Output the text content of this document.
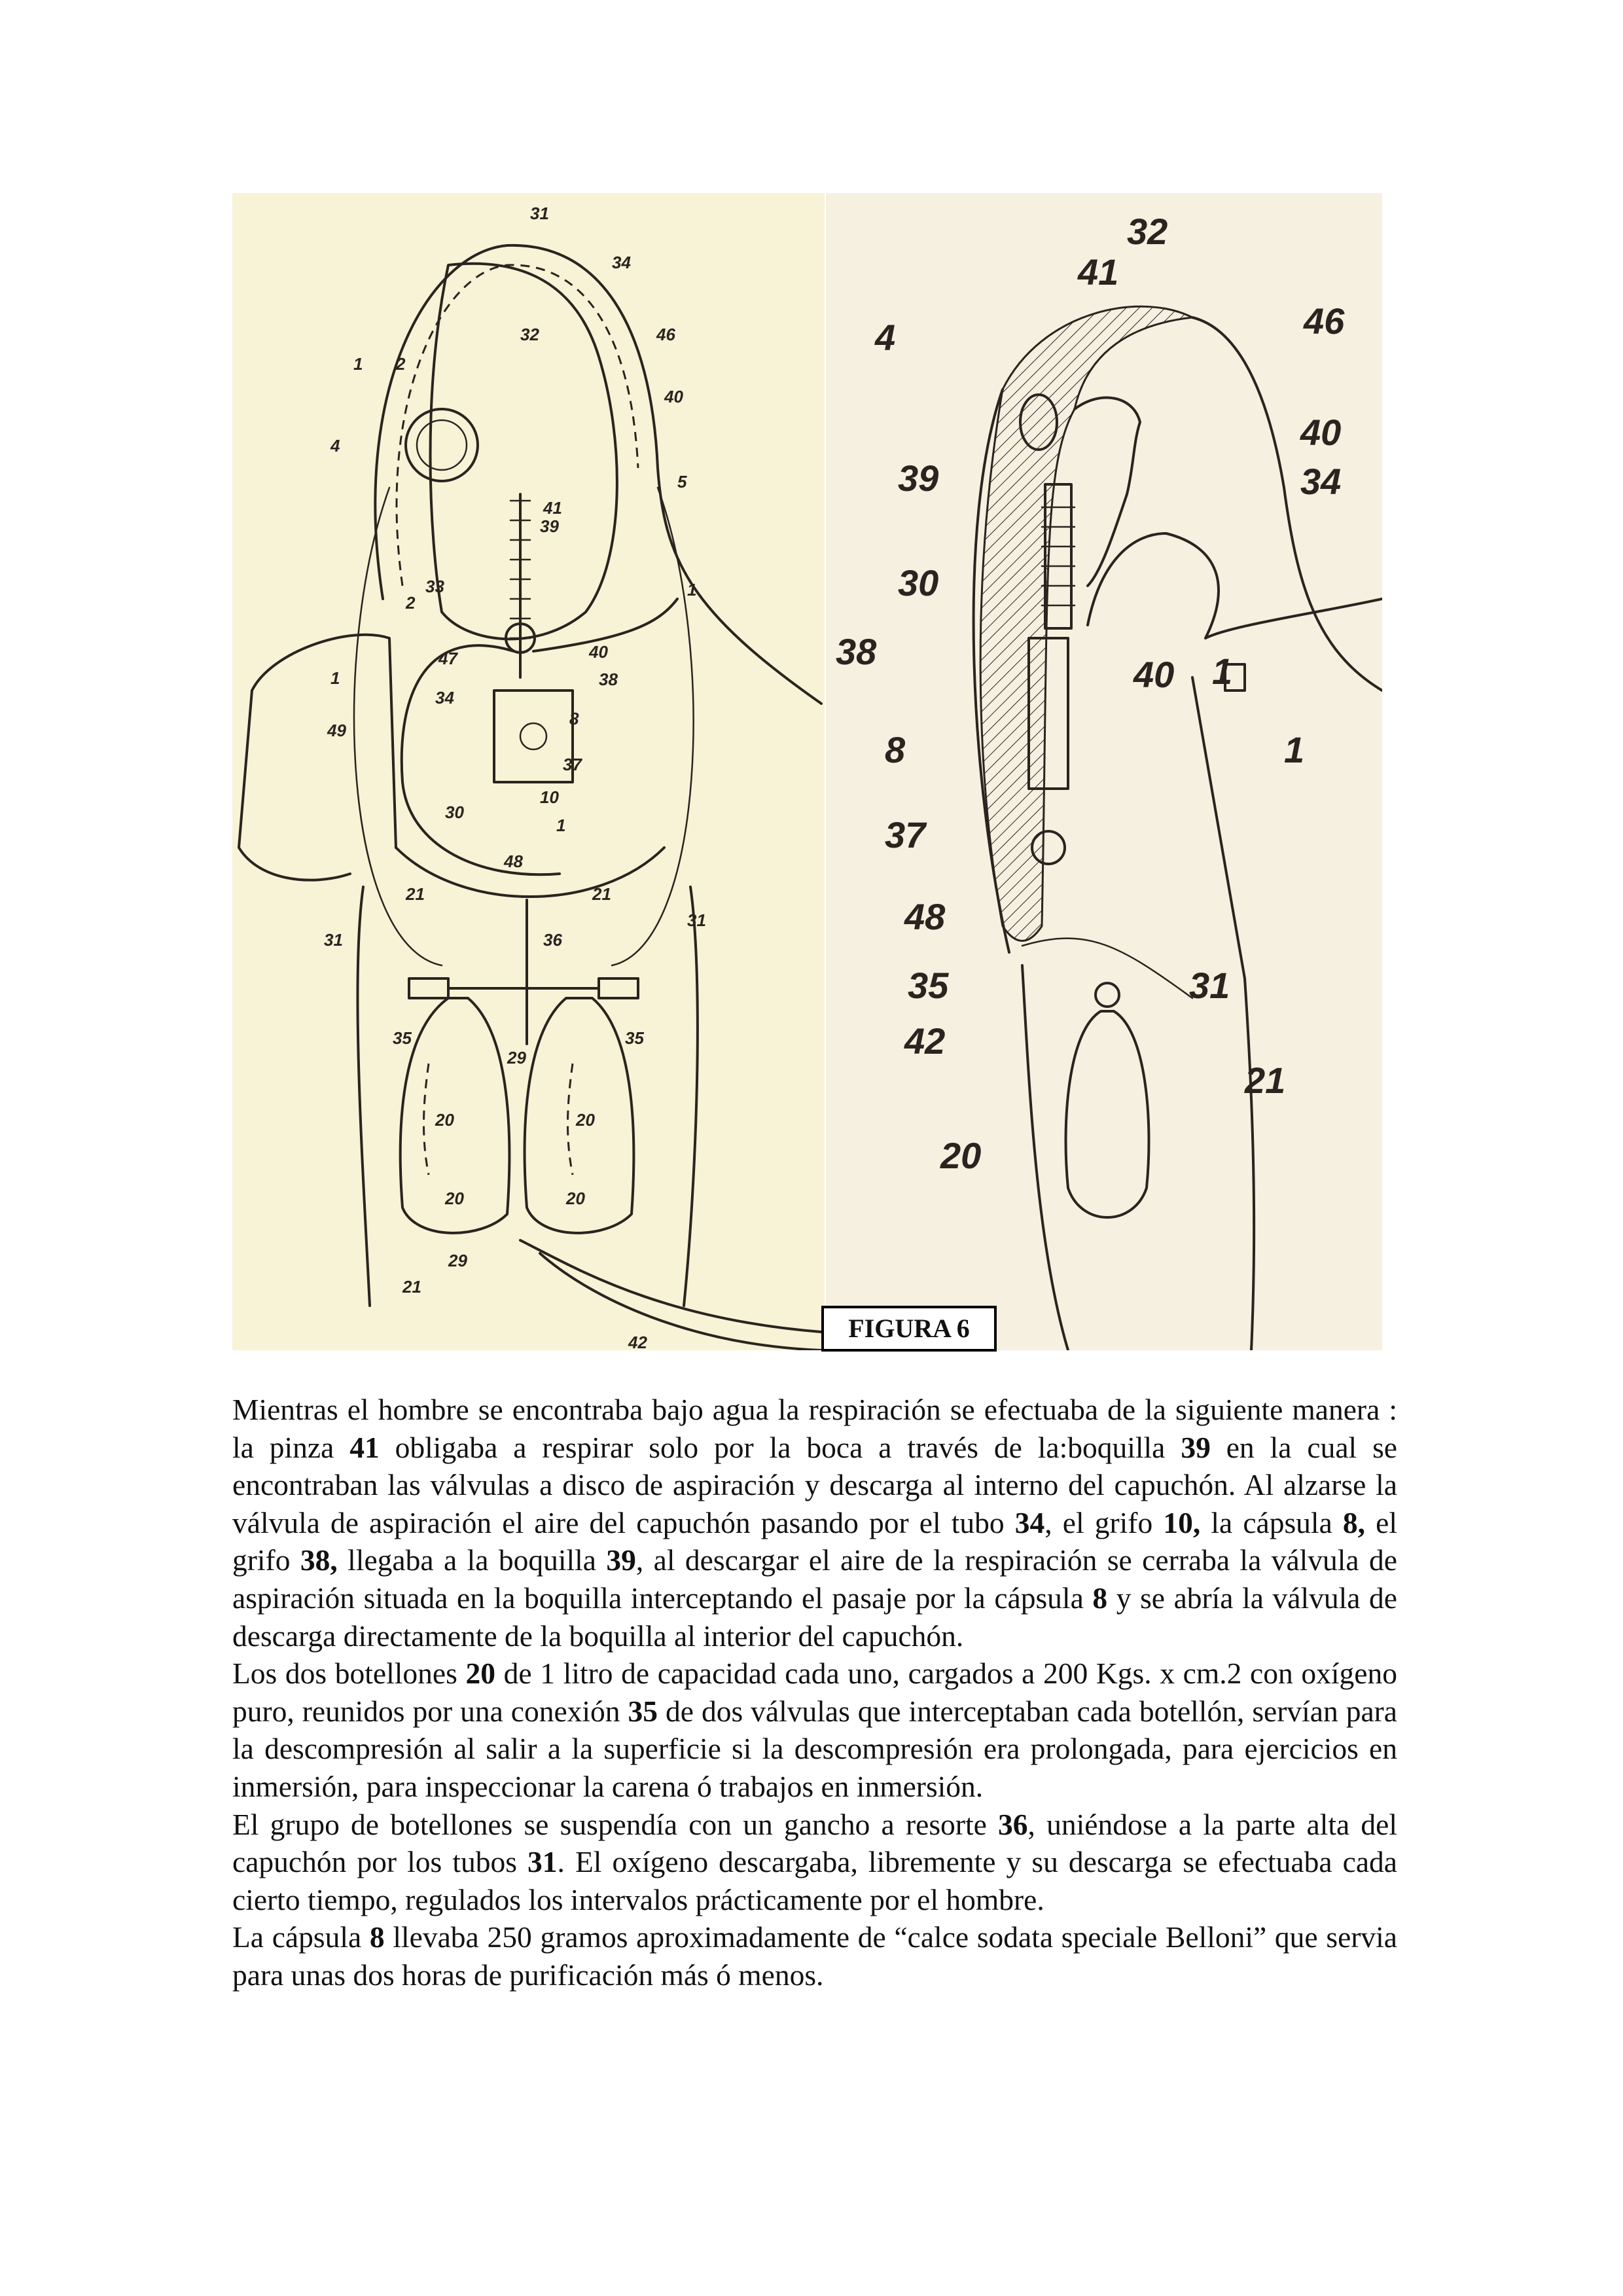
31
34
32	46
40
1 2
4
5
41
39
33
2
1
47	40
38
8
1
34
49
37
10
30
1
48
21	21
31	36
31
35
29
35
20	20
20	20
29
21
42
32
41
46
4
40
39	34
30
38
40 1
8	1
37
48
31
35
42
21
20
FIGURA 6

Mientras el hombre se encontraba bajo agua la respiración se efectuaba de la siguiente manera : la pinza 41 obligaba a respirar solo por la boca a través de la:boquilla 39 en la cual se encontraban las válvulas a disco de aspiración y descarga al interno del capuchón. Al alzarse la válvula de aspiración el aire del capuchón pasando por el tubo 34, el grifo 10, la cápsula 8, el grifo 38, llegaba a la boquilla 39, al descargar el aire de la respiración se cerraba la válvula de aspiración situada en la boquilla interceptando el pasaje por la cápsula 8 y se abría la válvula de descarga directamente de la boquilla al interior del capuchón.

Los dos botellones 20 de 1 litro de capacidad cada uno, cargados a 200 Kgs. x cm.2 con oxígeno puro, reunidos por una conexión 35 de dos válvulas que interceptaban cada botellón, servían para la descompresión al salir a la superficie si la descompresión era prolongada, para ejercicios en inmersión, para inspeccionar la carena ó trabajos en inmersión.

El grupo de botellones se suspendía con un gancho a resorte 36, uniéndose a la parte alta del capuchón por los tubos 31. El oxígeno descargaba, libremente y su descarga se efectuaba cada cierto tiempo, regulados los intervalos prácticamente por el hombre.

La cápsula 8 llevaba 250 gramos aproximadamente de “calce sodata speciale Belloni” que servia para unas dos horas de purificación más ó menos.
